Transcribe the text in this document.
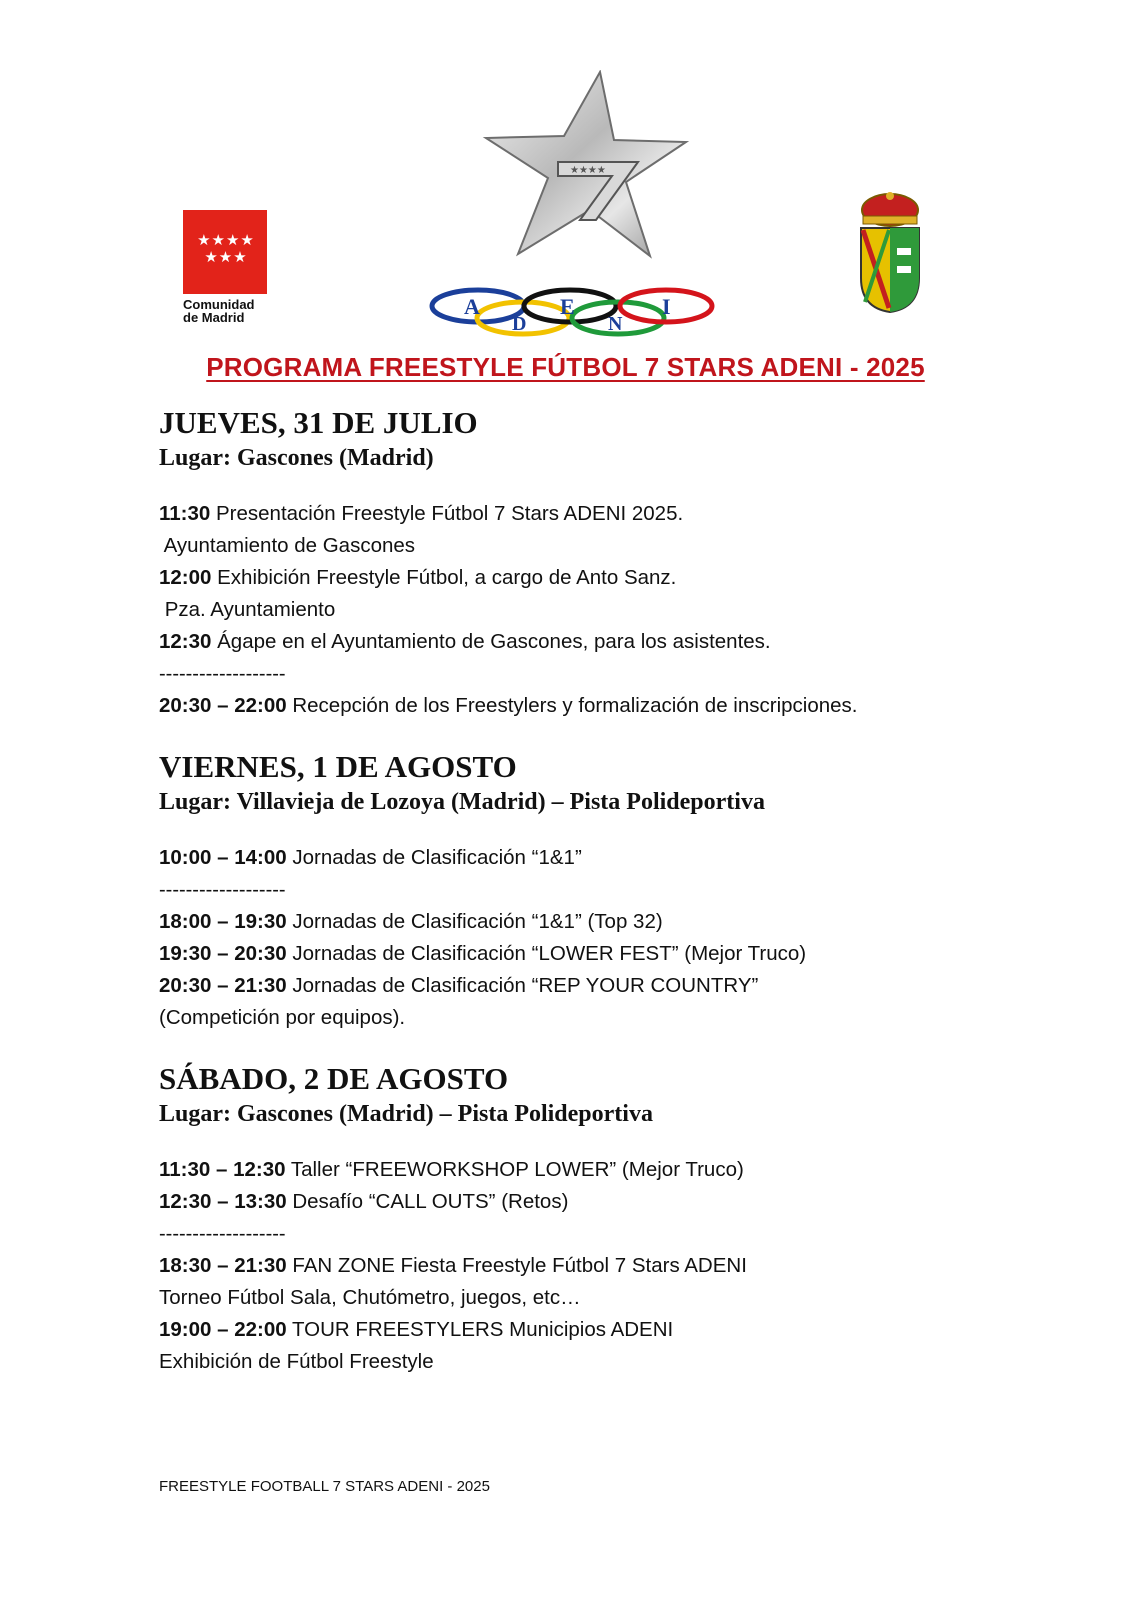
★★★★
★★★
Comunidad
de Madrid
★★★★
A
D
E
N
I
PROGRAMA FREESTYLE FÚTBOL 7 STARS ADENI - 2025
JUEVES, 31 DE JULIO
Lugar: Gascones (Madrid)
11:30 Presentación Freestyle Fútbol 7 Stars ADENI 2025.
Ayuntamiento de Gascones
12:00 Exhibición Freestyle Fútbol, a cargo de Anto Sanz.
Pza. Ayuntamiento
12:30 Ágape en el Ayuntamiento de Gascones, para los asistentes.
-------------------
20:30 – 22:00 Recepción de los Freestylers y formalización de inscripciones.
VIERNES, 1 DE AGOSTO
Lugar: Villavieja de Lozoya (Madrid) – Pista Polideportiva
10:00 – 14:00 Jornadas de Clasificación “1&1”
-------------------
18:00 – 19:30 Jornadas de Clasificación “1&1” (Top 32)
19:30 – 20:30 Jornadas de Clasificación “LOWER FEST” (Mejor Truco)
20:30 – 21:30 Jornadas de Clasificación “REP YOUR COUNTRY”
(Competición por equipos).
SÁBADO, 2 DE AGOSTO
Lugar: Gascones (Madrid) – Pista Polideportiva
11:30 – 12:30 Taller “FREEWORKSHOP LOWER” (Mejor Truco)
12:30 – 13:30 Desafío “CALL OUTS” (Retos)
-------------------
18:30 – 21:30 FAN ZONE Fiesta Freestyle Fútbol 7 Stars ADENI
Torneo Fútbol Sala, Chutómetro, juegos, etc…
19:00 – 22:00 TOUR FREESTYLERS Municipios ADENI
Exhibición de Fútbol Freestyle
FREESTYLE FOOTBALL 7 STARS ADENI - 2025
